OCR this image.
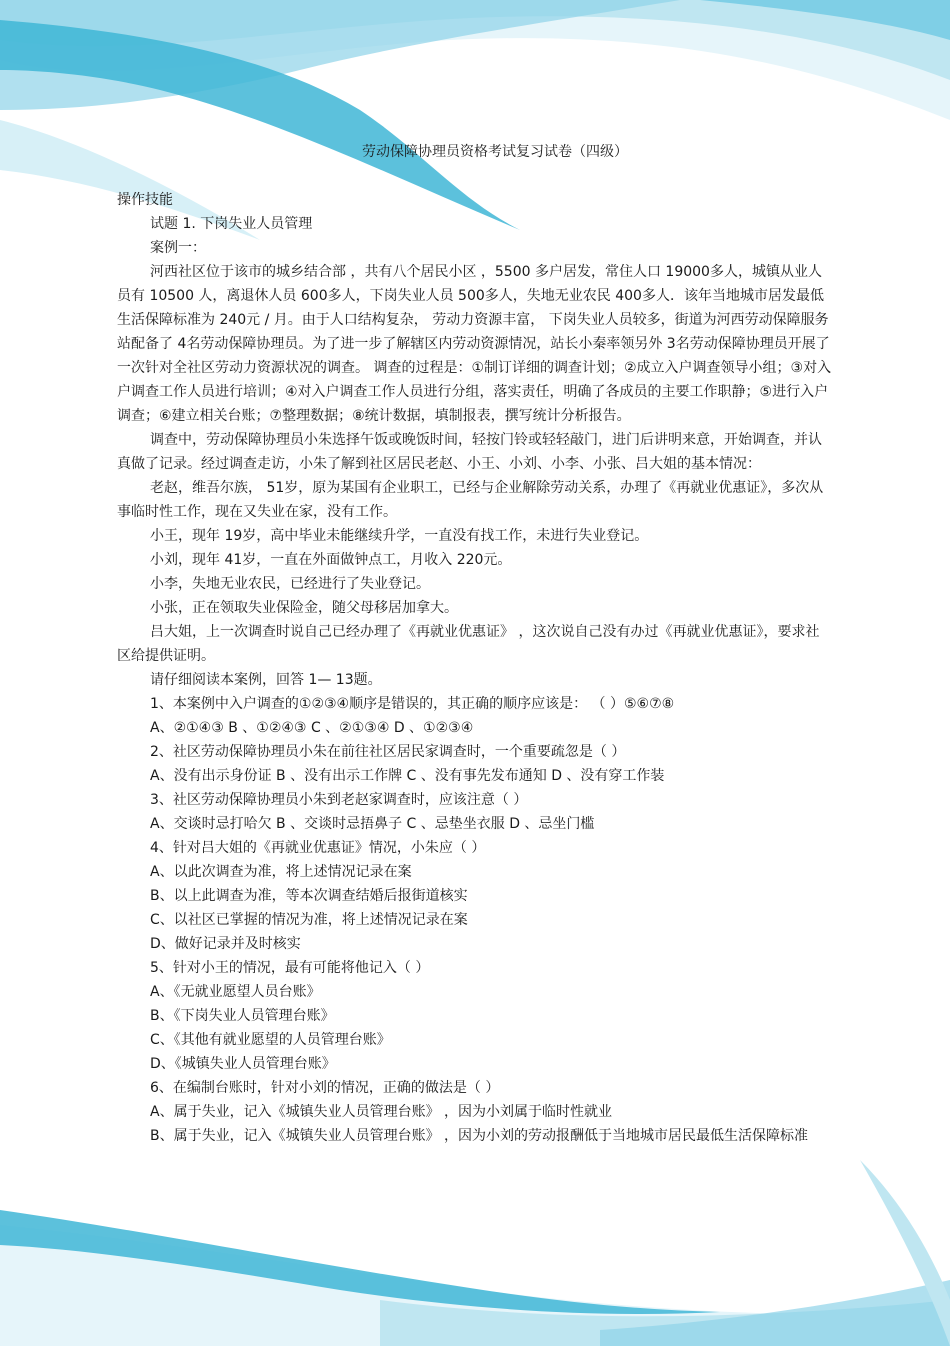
劳动保障协理员资格考试复习试卷（四级）

操作技能

试题 1. 下岗失业人员管理

案例一：

河西社区位于该市的城乡结合部 ，共有八个居民小区 ，5500 多户居发，常住人口 19000多人，城镇从业人员有 10500 人，离退休人员 600多人，下岗失业人员 500多人，失地无业农民 400多人．该年当地城市居发最低生活保障标准为 240元 / 月。由于人口结构复杂， 劳动力资源丰富， 下岗失业人员较多，街道为河西劳动保障服务站配备了 4名劳动保障协理员。为了进一步了解辖区内劳动资源情况，站长小秦率领另外 3名劳动保障协理员开展了一次针对全社区劳动力资源状况的调查。 调查的过程是：①制订详细的调查计划；②成立入户调查领导小组；③对入户调查工作人员进行培训；④对入户调查工作人员进行分组，落实责任，明确了各成员的主要工作职静；⑤进行入户调查；⑥建立相关台账；⑦整理数据；⑧统计数据，填制报表，撰写统计分析报告。

调查中，劳动保障协理员小朱选择午饭或晚饭时间，轻按门铃或轻轻敲门，进门后讲明来意，开始调查，并认真做了记录。经过调查走访，小朱了解到社区居民老赵、小王、小刘、小李、小张、吕大姐的基本情况：

老赵，维吾尔族， 51岁，原为某国有企业职工，已经与企业解除劳动关系，办理了《再就业优惠证》，多次从事临时性工作，现在又失业在家，没有工作。

小王，现年 19岁，高中毕业未能继续升学，一直没有找工作，未进行失业登记。

小刘，现年 41岁，一直在外面做钟点工，月收入 220元。

小李，失地无业农民，已经进行了失业登记。

小张，正在领取失业保险金，随父母移居加拿大。

吕大姐，上一次调查时说自己已经办理了《再就业优惠证》 ，这次说自己没有办过《再就业优惠证》，要求社区给提供证明。

请仔细阅读本案例，回答 1— 13题。

1、本案例中入户调查的①②③④顺序是错误的，其正确的顺序应该是： （ ）⑤⑥⑦⑧

A、②①④③ B 、①②④③ C 、②①③④ D 、①②③④

2、社区劳动保障协理员小朱在前往社区居民家调查时，一个重要疏忽是（ ）

A、没有出示身份证 B 、没有出示工作牌 C 、没有事先发布通知 D 、没有穿工作装

3、社区劳动保障协理员小朱到老赵家调查时，应该注意（ ）

A、交谈时忌打哈欠 B 、交谈时忌捂鼻子 C 、忌垫坐衣服 D 、忌坐门槛

4、针对吕大姐的《再就业优惠证》情况，小朱应（ ）

A、以此次调查为准，将上述情况记录在案

B、以上此调查为准，等本次调查结婚后报街道核实

C、以社区已掌握的情况为准，将上述情况记录在案

D、做好记录并及时核实

5、针对小王的情况，最有可能将他记入（ ）

A、《无就业愿望人员台账》

B、《下岗失业人员管理台账》

C、《其他有就业愿望的人员管理台账》

D、《城镇失业人员管理台账》

6、在编制台账时，针对小刘的情况，正确的做法是（ ）

A、属于失业，记入《城镇失业人员管理台账》 ，因为小刘属于临时性就业

B、属于失业，记入《城镇失业人员管理台账》 ，因为小刘的劳动报酬低于当地城市居民最低生活保障标准
